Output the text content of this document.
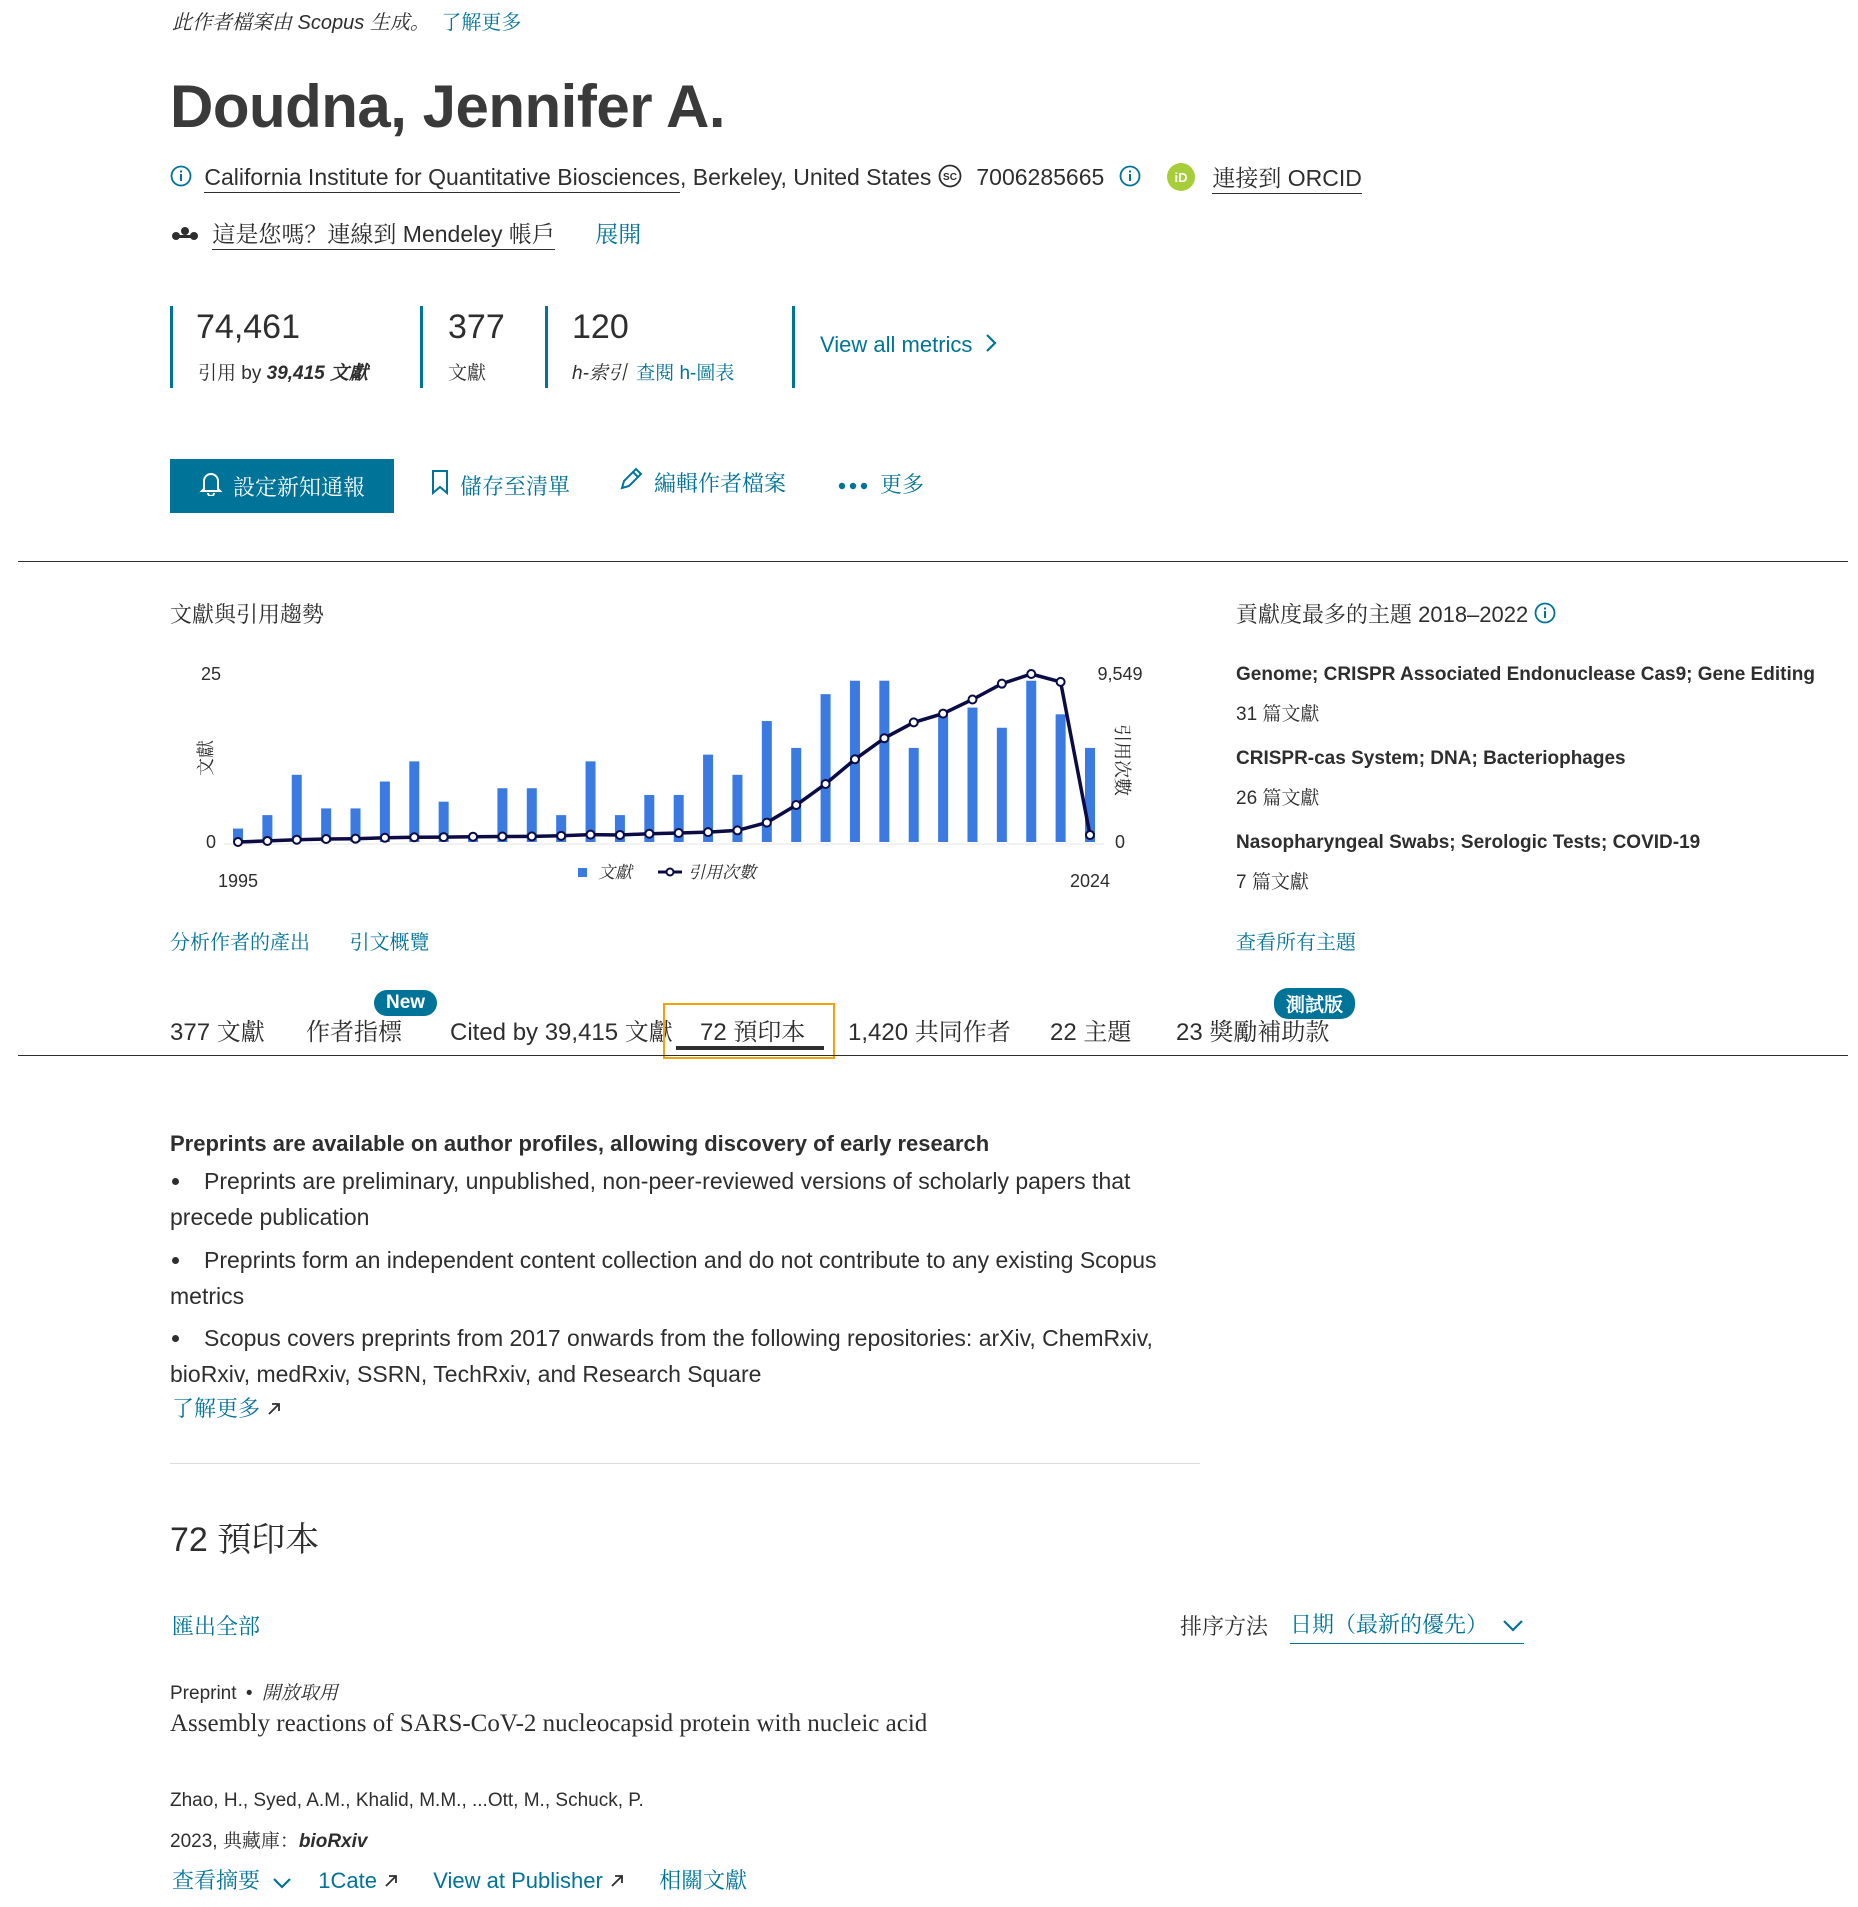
此作者檔案由 Scopus 生成。 了解更多
Doudna, Jennifer A.
California Institute for Quantitative Biosciences, Berkeley, United States SC 7006285665	iD 連接到 ORCID
這是您嗎？連線到 Mendeley 帳戶 展開
74,461
引用 by 39,415 文獻
377
文獻
120
h-索引 查閱 h-圖表
View all metrics
設定新知通報	儲存至清單	編輯作者檔案	更多
文獻與引用趨勢
25
0
9,549
0
文獻	引用次數
1995	2024
文獻	引用次數
分析作者的產出 引文概覽
貢獻度最多的主題 2018–2022
Genome; CRISPR Associated Endonuclease Cas9; Gene Editing
31 篇文獻
CRISPR-cas System; DNA; Bacteriophages
26 篇文獻
Nasopharyngeal Swabs; Serologic Tests; COVID-19
7 篇文獻
查看所有主題
377 文獻 作者指標
New
Cited by 39,415 文獻 72 預印本 1,420 共同作者 22 主題 23 獎勵補助款
測試版
Preprints are available on author profiles, allowing discovery of early research
Preprints are preliminary, unpublished, non-peer-reviewed versions of scholarly papers that precede publication
Preprints form an independent content collection and do not contribute to any existing Scopus metrics
Scopus covers preprints from 2017 onwards from the following repositories: arXiv, ChemRxiv, bioRxiv, medRxiv, SSRN, TechRxiv, and Research Square
了解更多
72 預印本
匯出全部	排序方法 日期（最新的優先）
Preprint • 開放取用
Assembly reactions of SARS-CoV-2 nucleocapsid protein with nucleic acid
Zhao, H., Syed, A.M., Khalid, M.M., ...Ott, M., Schuck, P.
2023, 典藏庫：bioRxiv
查看摘要	1Cate	View at Publisher	相關文獻
